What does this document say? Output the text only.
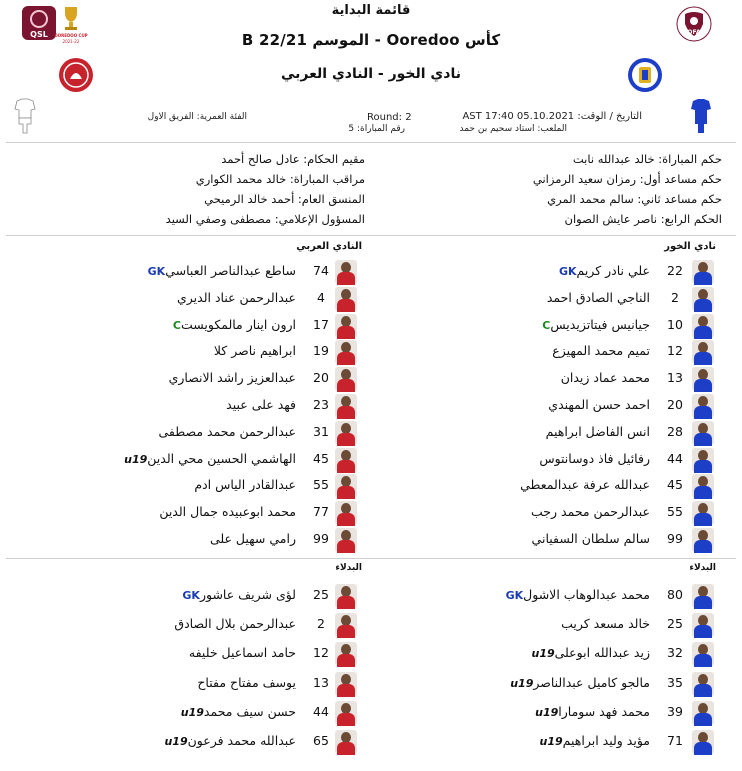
قائمة البداية
كأس Ooredoo - الموسم B 22/21
نادي الخور - النادي العربي
QSL OOREDOO CUP
2021-22
QFA
التاريخ / الوقت: AST 17:40 05.10.2021
الملعب: استاد سحيم بن حمد
Round: 2
رقم المباراة: 5
الفئة العمرية: الفريق الاول
حكم المباراة: خالد عبدالله نابت
حكم مساعد أول: رمزان سعيد الرمزاني
حكم مساعد ثاني: سالم محمد المري
الحكم الرابع: ناصر عايش الصوان
مقيم الحكام: عادل صالح أحمد
مراقب المباراة: خالد محمد الكواري
المنسق العام: أحمد خالد الرميحي
المسؤول الإعلامي: مصطفى وصفي السيد
نادي الخور
النادي العربي
22
علي نادر كريمGK
2
الناجي الصادق احمد
10
جيانيس فيتاتزيديسC
12
تميم محمد المهيزع
13
محمد عماد زيدان
20
احمد حسن المهندي
28
انس الفاضل ابراهيم
44
رفائيل فاذ دوسانتوس
45
عبدالله عرفة عبدالمعطي
55
عبدالرحمن محمد رجب
99
سالم سلطان السفياني
74
ساطع عبدالناصر العباسيGK
4
عبدالرحمن عناد الديري
17
ارون اينار مالمكويستC
19
ابراهيم ناصر كلا
20
عبدالعزيز راشد الانصاري
23
فهد على عبيد
31
عبدالرحمن محمد مصطفى
45
الهاشمي الحسين محي الدينu19
55
عبدالقادر الياس ادم
77
محمد ابوعبيده جمال الدين
99
رامي سهيل على
البدلاء
البدلاء
80
محمد عبدالوهاب الاشولGK
25
خالد مسعد كريب
32
زيد عبدالله ابوعلىu19
35
مالجو كاميل عبدالناصرu19
39
محمد فهد سوماراu19
71
مؤيد وليد ابراهيمu19
25
لؤى شريف عاشورGK
2
عبدالرحمن بلال الصادق
12
حامد اسماعيل خليفه
13
يوسف مفتاح مفتاح
44
حسن سيف محمدu19
65
عبدالله محمد فرعونu19
